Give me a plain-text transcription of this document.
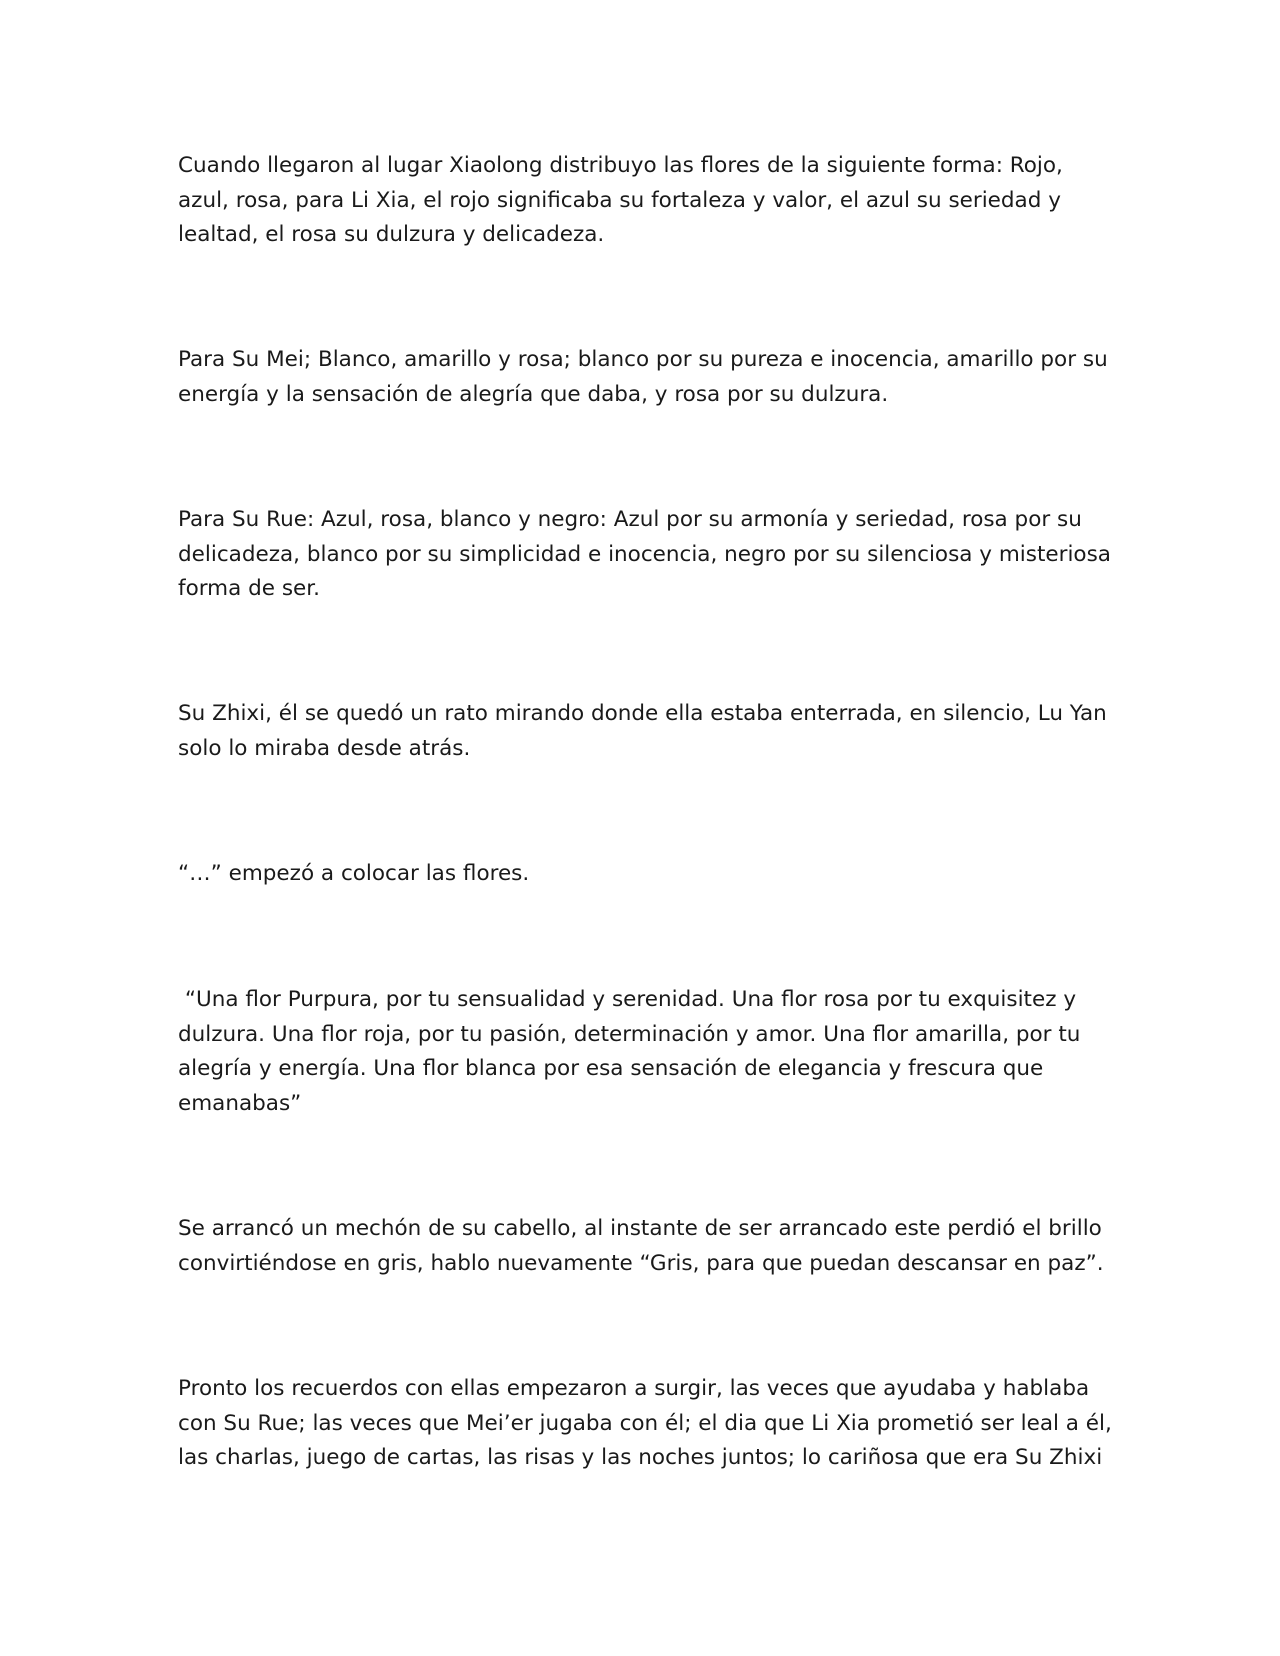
Cuando llegaron al lugar Xiaolong distribuyo las flores de la siguiente forma: Rojo,
azul, rosa, para Li Xia, el rojo significaba su fortaleza y valor, el azul su seriedad y
lealtad, el rosa su dulzura y delicadeza.

Para Su Mei; Blanco, amarillo y rosa; blanco por su pureza e inocencia, amarillo por su
energía y la sensación de alegría que daba, y rosa por su dulzura.

Para Su Rue: Azul, rosa, blanco y negro: Azul por su armonía y seriedad, rosa por su
delicadeza, blanco por su simplicidad e inocencia, negro por su silenciosa y misteriosa
forma de ser.

Su Zhixi, él se quedó un rato mirando donde ella estaba enterrada, en silencio, Lu Yan
solo lo miraba desde atrás.

“…” empezó a colocar las flores.

“Una flor Purpura, por tu sensualidad y serenidad. Una flor rosa por tu exquisitez y
dulzura. Una flor roja, por tu pasión, determinación y amor. Una flor amarilla, por tu
alegría y energía. Una flor blanca por esa sensación de elegancia y frescura que
emanabas”

Se arrancó un mechón de su cabello, al instante de ser arrancado este perdió el brillo
convirtiéndose en gris, hablo nuevamente “Gris, para que puedan descansar en paz”.

Pronto los recuerdos con ellas empezaron a surgir, las veces que ayudaba y hablaba
con Su Rue; las veces que Mei’er jugaba con él; el dia que Li Xia prometió ser leal a él,
las charlas, juego de cartas, las risas y las noches juntos; lo cariñosa que era Su Zhixi
